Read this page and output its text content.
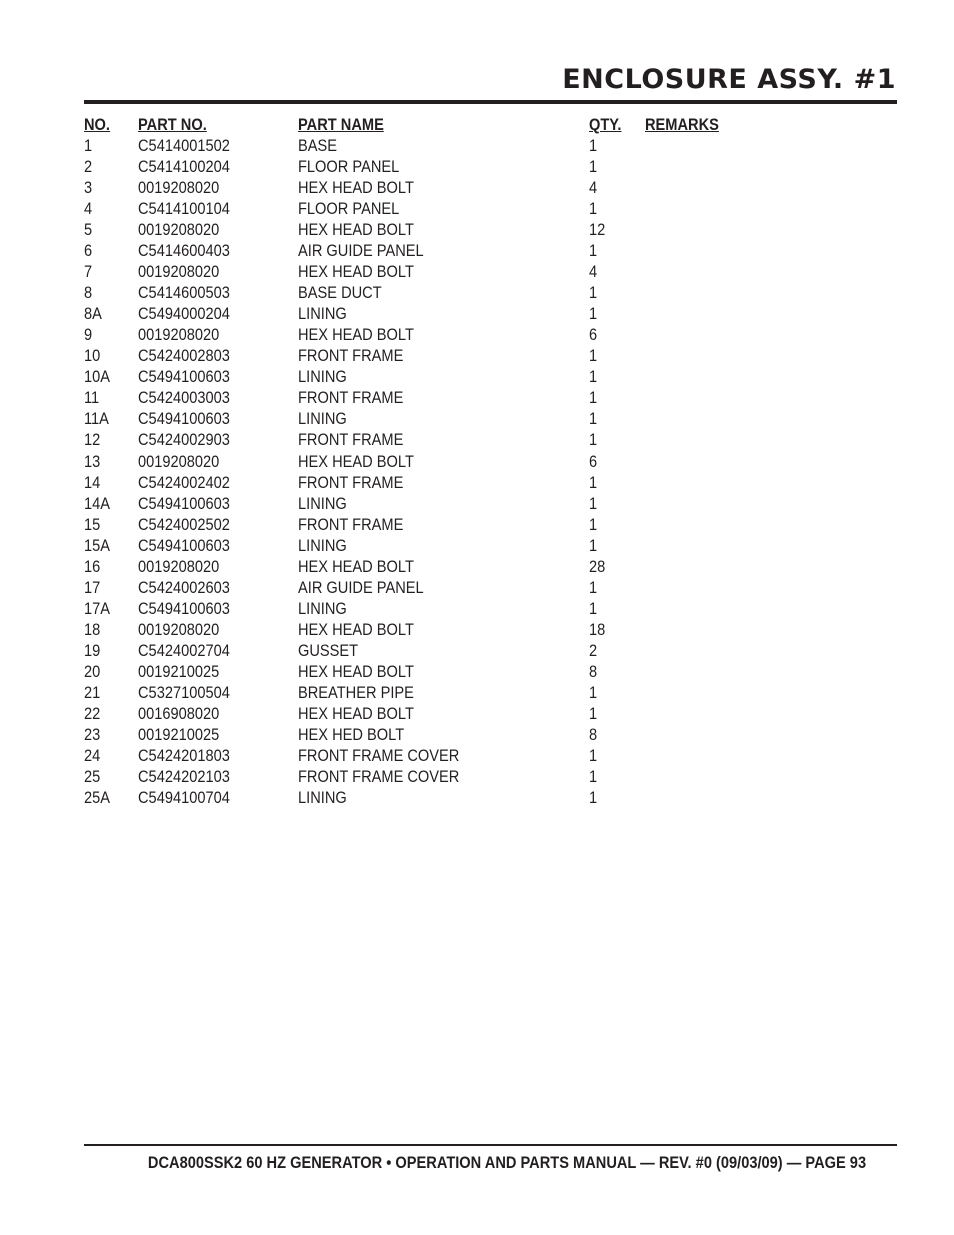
ENCLOSURE ASSY. #1
NO. PART NO.	PART NAME	QTY. REMARKS
1	C5414001502	BASE	1
2	C5414100204	FLOOR PANEL	1
3	0019208020	HEX HEAD BOLT	4
4	C5414100104	FLOOR PANEL	1
5	0019208020	HEX HEAD BOLT	12
6	C5414600403	AIR GUIDE PANEL	1
7	0019208020	HEX HEAD BOLT	4
8	C5414600503	BASE DUCT	1
8A C5494000204	LINING	1
9	0019208020	HEX HEAD BOLT	6
10 C5424002803	FRONT FRAME	1
10A C5494100603	LINING	1
11 C5424003003	FRONT FRAME	1
11A C5494100603	LINING	1
12 C5424002903	FRONT FRAME	1
13 0019208020	HEX HEAD BOLT	6
14 C5424002402	FRONT FRAME	1
14A C5494100603	LINING	1
15 C5424002502	FRONT FRAME	1
15A C5494100603	LINING	1
16 0019208020	HEX HEAD BOLT	28
17 C5424002603	AIR GUIDE PANEL	1
17A C5494100603	LINING	1
18 0019208020	HEX HEAD BOLT	18
19 C5424002704	GUSSET	2
20 0019210025	HEX HEAD BOLT	8
21 C5327100504	BREATHER PIPE	1
22 0016908020	HEX HEAD BOLT	1
23 0019210025	HEX HED BOLT	8
24 C5424201803	FRONT FRAME COVER	1
25 C5424202103	FRONT FRAME COVER	1
25A C5494100704	LINING	1
DCA800SSK2 60 HZ GENERATOR • OPERATION AND PARTS MANUAL — REV. #0 (09/03/09) — PAGE 93
